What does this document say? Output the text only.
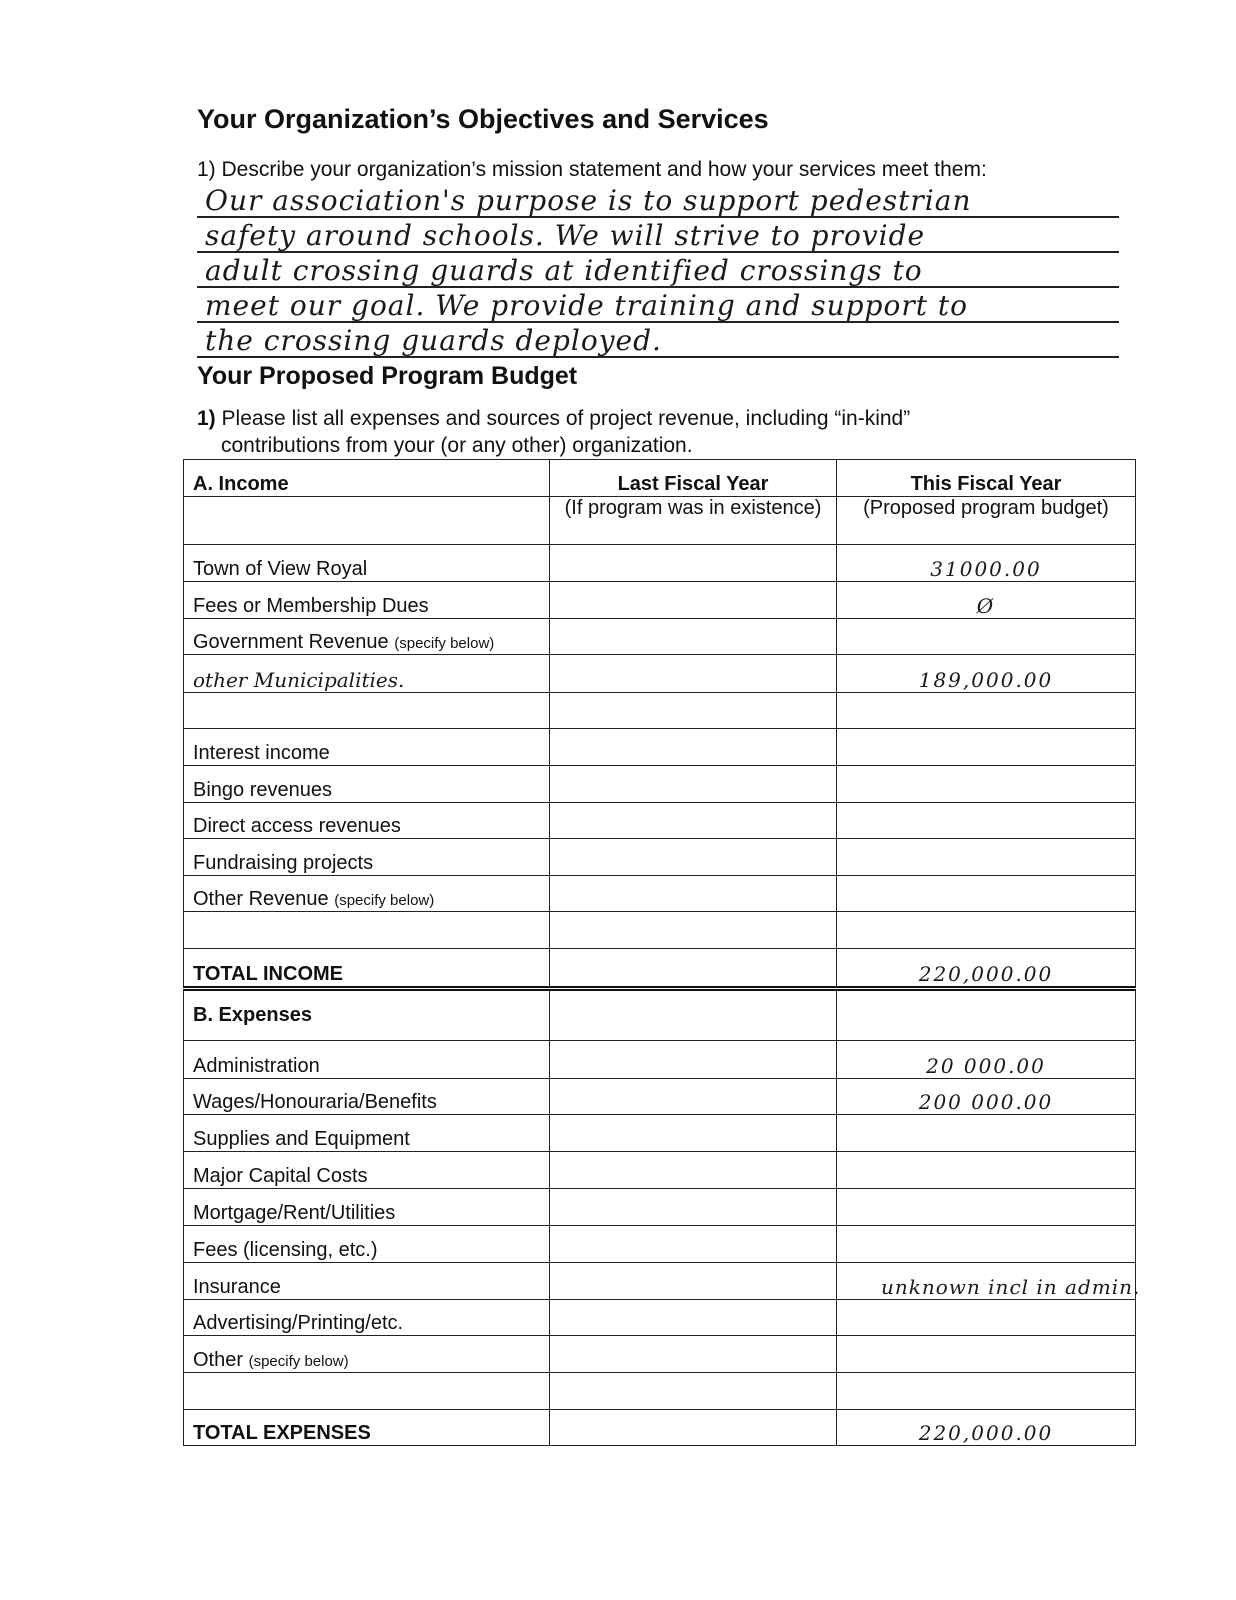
Your Organization’s Objectives and Services
1) Describe your organization’s mission statement and how your services meet them:
Our association's purpose is to support pedestrian
safety around schools. We will strive to provide
adult crossing guards at identified crossings to
meet our goal. We provide training and support to
the crossing guards deployed.
Your Proposed Program Budget
1) Please list all expenses and sources of project revenue, including “in-kind”
contributions from your (or any other) organization.
A. Income	Last Fiscal Year	This Fiscal Year
	(If program was in existence)	(Proposed program budget)
Town of View Royal		31000.00
Fees or Membership Dues		Ø
Government Revenue (specify below)		
other Municipalities.		189,000.00

Interest income		
Bingo revenues		
Direct access revenues		
Fundraising projects		
Other Revenue (specify below)		

TOTAL INCOME		220,000.00
B. Expenses		
Administration		20 000.00
Wages/Honouraria/Benefits		200 000.00
Supplies and Equipment		
Major Capital Costs		
Mortgage/Rent/Utilities		
Fees (licensing, etc.)		
Insurance		unknown incl in admin.
Advertising/Printing/etc.		
Other (specify below)		

TOTAL EXPENSES		220,000.00
